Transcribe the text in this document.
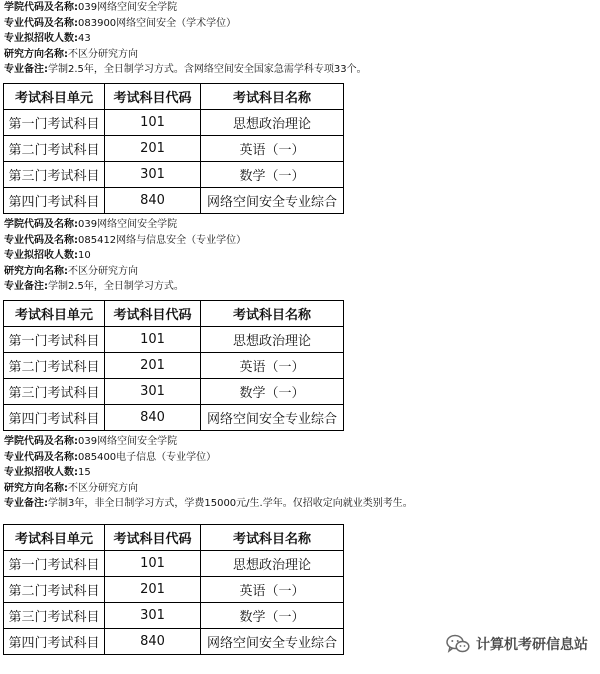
学院代码及名称:039网络空间安全学院
专业代码及名称:083900网络空间安全（学术学位）
专业拟招收人数:43
研究方向名称:不区分研究方向
专业备注:学制2.5年，全日制学习方式。含网络空间安全国家急需学科专项33个。
考试科目单元	考试科目代码	考试科目名称
第一门考试科目	101	思想政治理论
第二门考试科目	201	英语（一）
第三门考试科目	301	数学（一）
第四门考试科目	840	网络空间安全专业综合
学院代码及名称:039网络空间安全学院
专业代码及名称:085412网络与信息安全（专业学位）
专业拟招收人数:10
研究方向名称:不区分研究方向
专业备注:学制2.5年，全日制学习方式。
考试科目单元	考试科目代码	考试科目名称
第一门考试科目	101	思想政治理论
第二门考试科目	201	英语（一）
第三门考试科目	301	数学（一）
第四门考试科目	840	网络空间安全专业综合
学院代码及名称:039网络空间安全学院
专业代码及名称:085400电子信息（专业学位）
专业拟招收人数:15
研究方向名称:不区分研究方向
专业备注:学制3年，非全日制学习方式，学费15000元/生.学年。仅招收定向就业类别考生。
考试科目单元	考试科目代码	考试科目名称
第一门考试科目	101	思想政治理论
第二门考试科目	201	英语（一）
第三门考试科目	301	数学（一）
第四门考试科目	840	网络空间安全专业综合	计算机考研信息站
